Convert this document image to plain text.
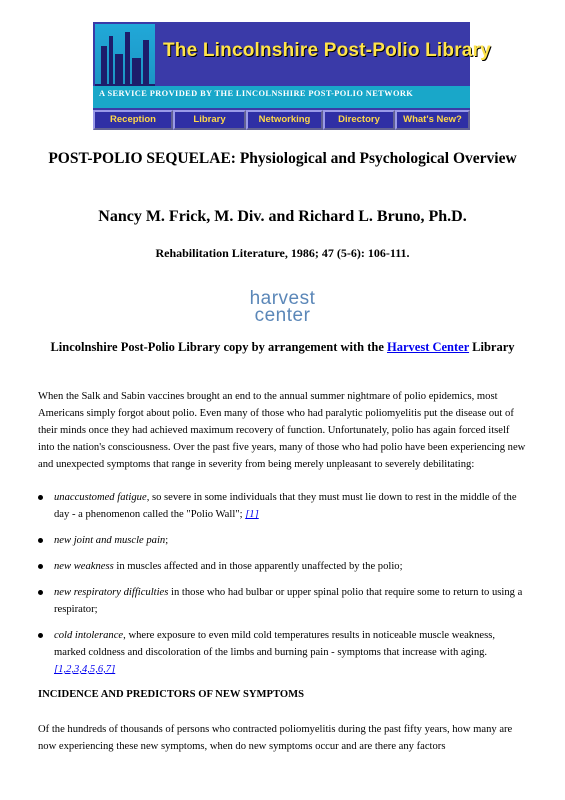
The Lincolnshire Post-Polio Library
A SERVICE PROVIDED BY THE LINCOLNSHIRE POST-POLIO NETWORK
Reception	Library	Networking	Directory	What's New?
POST-POLIO SEQUELAE: Physiological and Psychological Overview
Nancy M. Frick, M. Div. and Richard L. Bruno, Ph.D.
Rehabilitation Literature, 1986; 47 (5-6): 106-111.
harvest
center
Lincolnshire Post-Polio Library copy by arrangement with the Harvest Center Library
When the Salk and Sabin vaccines brought an end to the annual summer nightmare of polio epidemics, most Americans simply forgot about polio. Even many of those who had paralytic poliomyelitis put the disease out of their minds once they had achieved maximum recovery of function. Unfortunately, polio has again forced itself into the nation's consciousness. Over the past five years, many of those who had polio have been experiencing new and unexpected symptoms that range in severity from being merely unpleasant to severely debilitating:
unaccustomed fatigue, so severe in some individuals that they must must lie down to rest in the middle of the day - a phenomenon called the "Polio Wall"; [1]
new joint and muscle pain;
new weakness in muscles affected and in those apparently unaffected by the polio;
new respiratory difficulties in those who had bulbar or upper spinal polio that require some to return to using a respirator;
cold intolerance, where exposure to even mild cold temperatures results in noticeable muscle weakness, marked coldness and discoloration of the limbs and burning pain - symptoms that increase with aging. [1,2,3,4,5,6,7]
INCIDENCE AND PREDICTORS OF NEW SYMPTOMS
Of the hundreds of thousands of persons who contracted poliomyelitis during the past fifty years, how many are now experiencing these new symptoms, when do new symptoms occur and are there any factors
